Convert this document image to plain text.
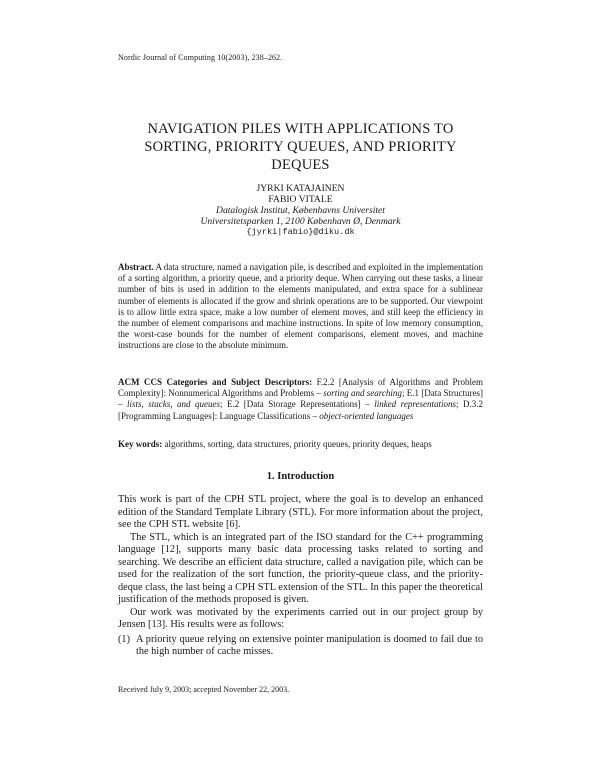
Nordic Journal of Computing 10(2003), 238–262.
NAVIGATION PILES WITH APPLICATIONS TO
SORTING, PRIORITY QUEUES, AND PRIORITY
DEQUES
JYRKI KATAJAINEN
FABIO VITALE
Datalogisk Institut, Københavns Universitet
Universitetsparken 1, 2100 København Ø, Denmark
{jyrki|fabio}@diku.dk
Abstract. A data structure, named a navigation pile, is described and exploited in the implementation of a sorting algorithm, a priority queue, and a priority deque. When carrying out these tasks, a linear number of bits is used in addition to the elements manipulated, and extra space for a sublinear number of elements is allocated if the grow and shrink operations are to be supported. Our viewpoint is to allow little extra space, make a low number of element moves, and still keep the efficiency in the number of element comparisons and machine instructions. In spite of low memory consumption, the worst-case bounds for the number of element comparisons, element moves, and machine instructions are close to the absolute minimum.
ACM CCS Categories and Subject Descriptors: F.2.2 [Analysis of Algorithms and Problem Complexity]: Nonnumerical Algorithms and Problems – sorting and searching; E.1 [Data Structures] – lists, stacks, and queues; E.2 [Data Storage Representations] – linked representations; D.3.2 [Programming Languages]: Language Classifications – object-oriented languages
Key words: algorithms, sorting, data structures, priority queues, priority deques, heaps
1. Introduction

This work is part of the CPH STL project, where the goal is to develop an enhanced edition of the Standard Template Library (STL). For more information about the project, see the CPH STL website [6].

The STL, which is an integrated part of the ISO standard for the C++ programming language [12], supports many basic data processing tasks related to sorting and searching. We describe an efficient data structure, called a navigation pile, which can be used for the realization of the sort function, the priority-queue class, and the priority-deque class, the last being a CPH STL extension of the STL. In this paper the theoretical justification of the methods proposed is given.

Our work was motivated by the experiments carried out in our project group by Jensen [13]. His results were as follows:

(1) A priority queue relying on extensive pointer manipulation is doomed to fail due to the high number of cache misses.
Received July 9, 2003; accepted November 22, 2003.
